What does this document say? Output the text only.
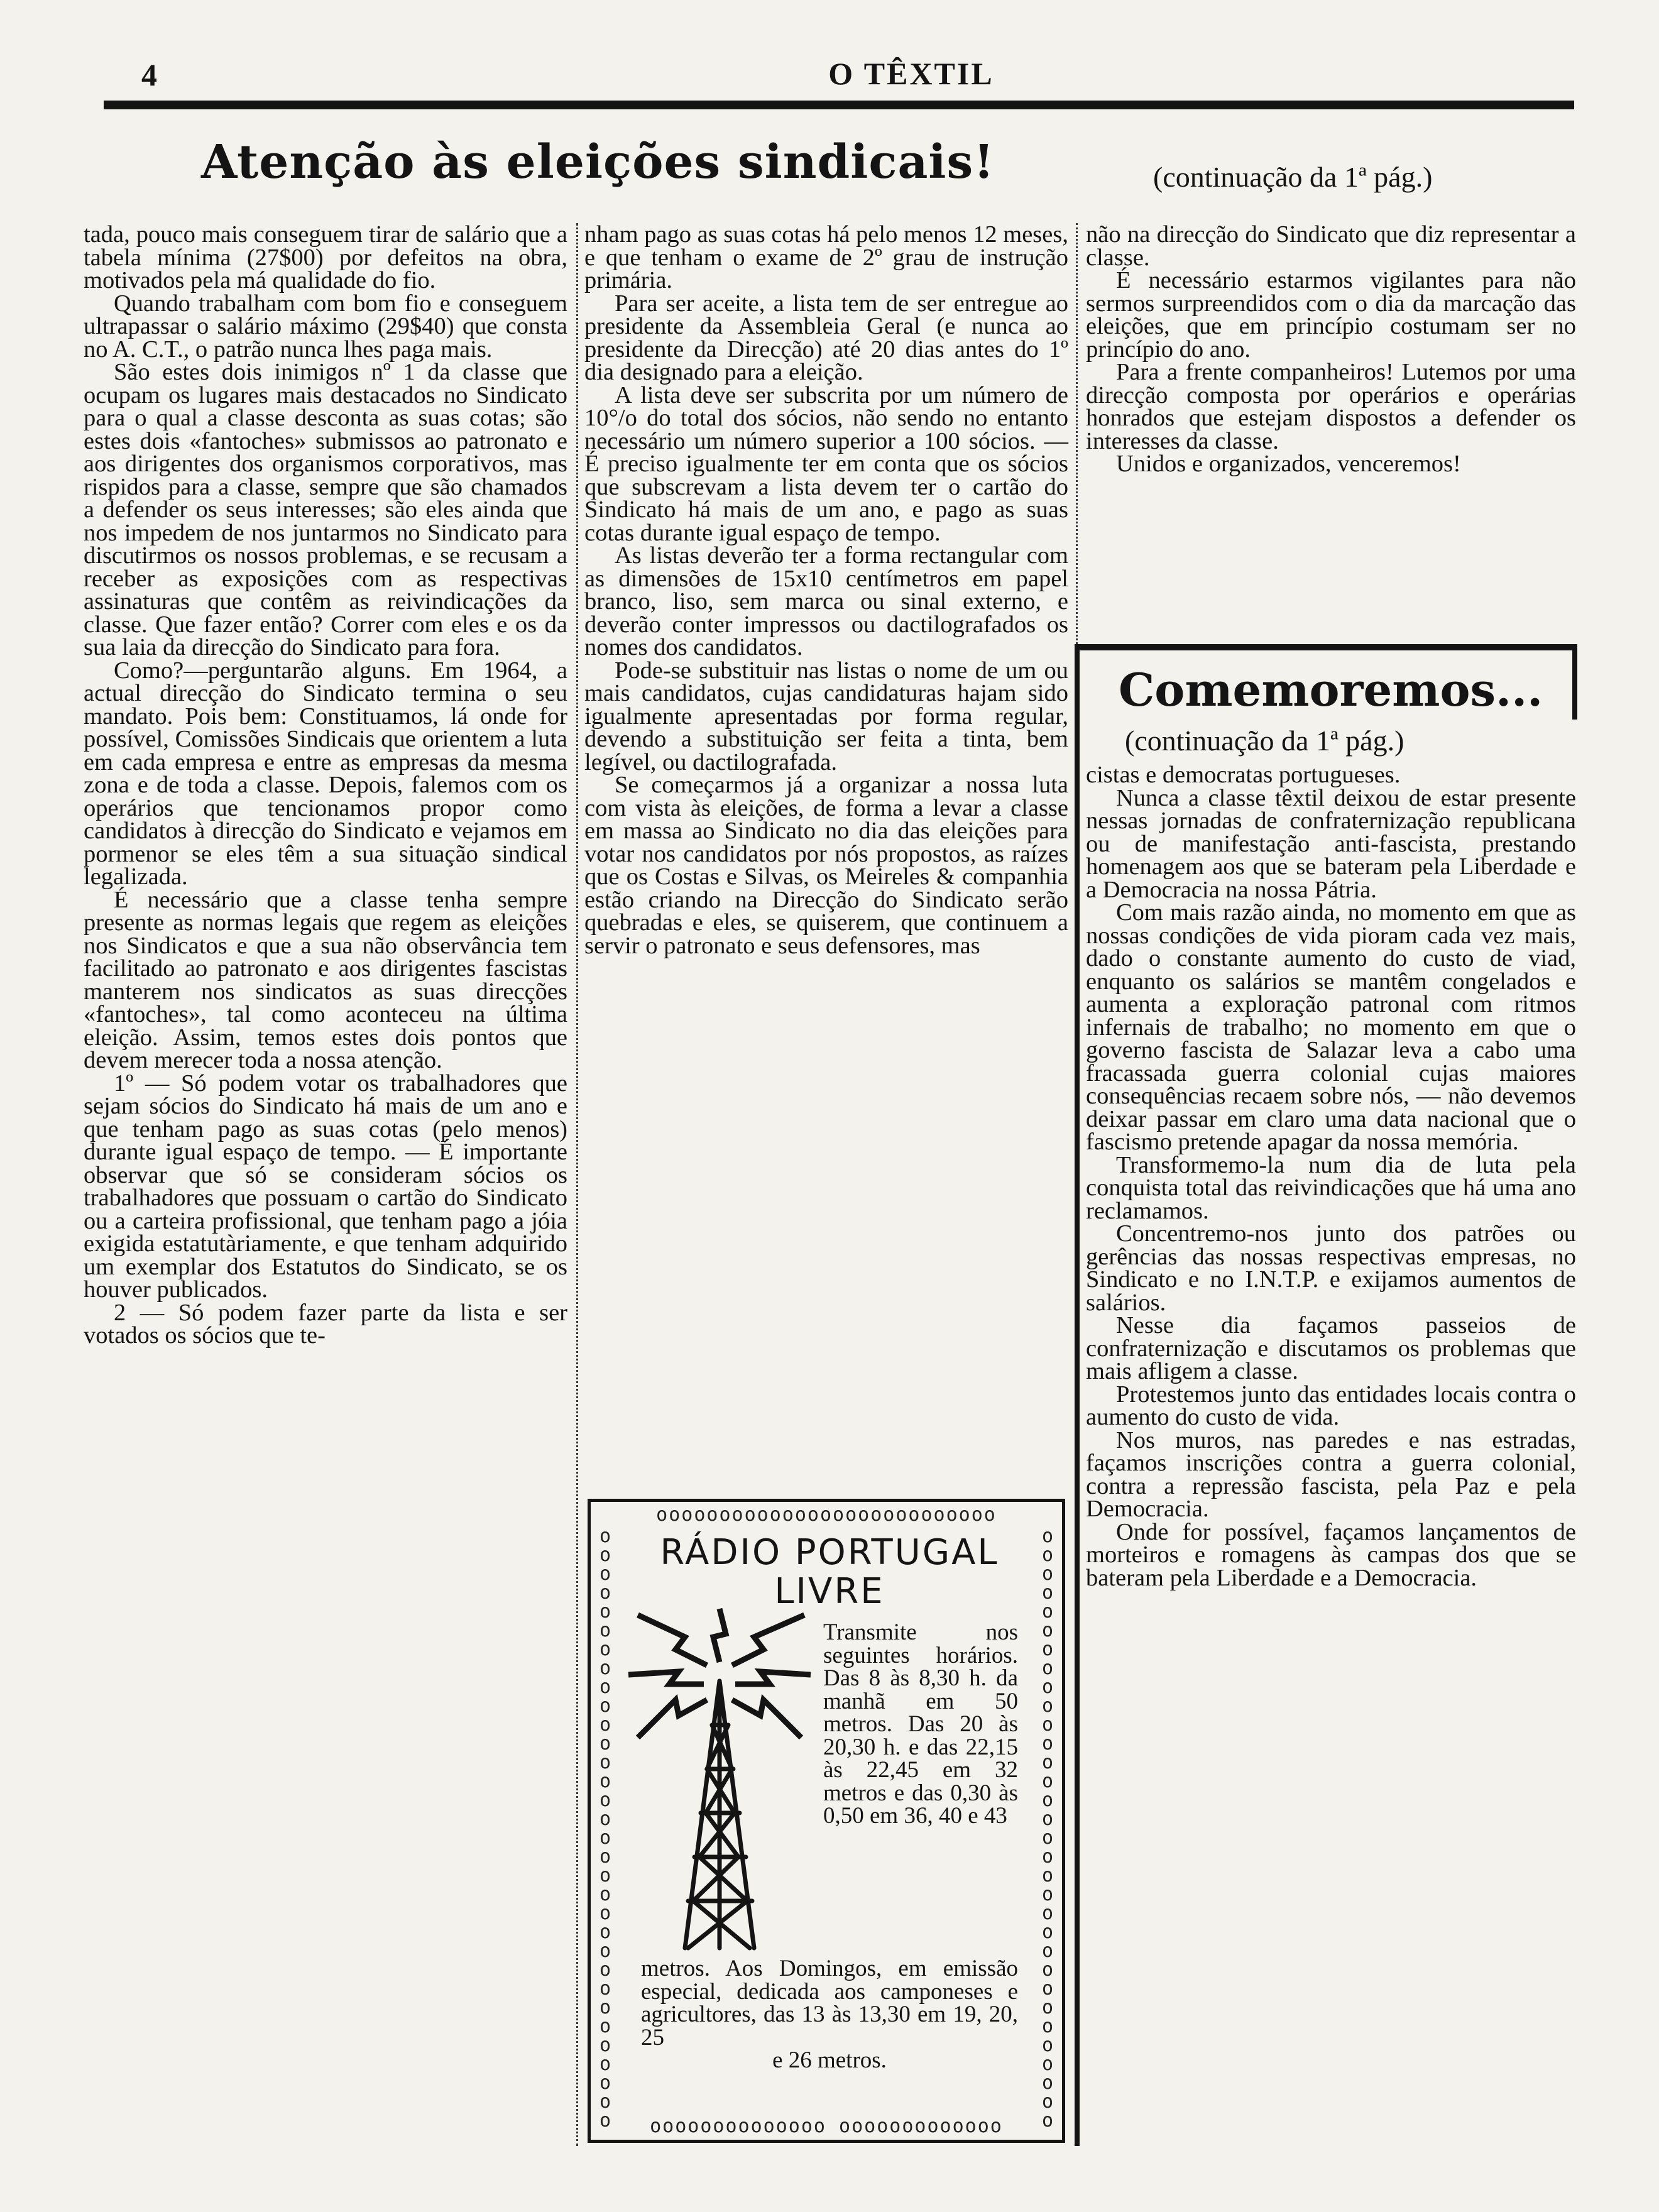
4	O TÊXTIL
Atenção às eleições sindicais!	(continuação da 1ª pág.)

tada, pouco mais conseguem tirar de salário que a tabela mínima (27$00) por defeitos na obra, motivados pela má qualidade do fio.

Quando trabalham com bom fio e conseguem ultrapassar o salário máximo (29$40) que consta no A. C.T., o patrão nunca lhes paga mais.

São estes dois inimigos nº 1 da classe que ocupam os lugares mais destacados no Sindicato para o qual a classe desconta as suas cotas; são estes dois «fantoches» submissos ao patronato e aos dirigentes dos organismos corporativos, mas rispidos para a classe, sempre que são chamados a defender os seus interesses; são eles ainda que nos impedem de nos juntarmos no Sindicato para discutirmos os nossos problemas, e se recusam a receber as exposições com as respectivas assinaturas que contêm as reivindicações da classe. Que fazer então? Correr com eles e os da sua laia da direcção do Sindicato para fora.

Como?—perguntarão alguns. Em 1964, a actual direcção do Sindicato termina o seu mandato. Pois bem: Constituamos, lá onde for possível, Comissões Sindicais que orientem a luta em cada empresa e entre as empresas da mesma zona e de toda a classe. Depois, falemos com os operários que tencionamos propor como candidatos à direcção do Sindicato e vejamos em pormenor se eles têm a sua situação sindical legalizada.

É necessário que a classe tenha sempre presente as normas legais que regem as eleições nos Sindicatos e que a sua não observância tem facilitado ao patronato e aos dirigentes fascistas manterem nos sindicatos as suas direcções «fantoches», tal como aconteceu na última eleição. Assim, temos estes dois pontos que devem merecer toda a nossa atenção.

1º — Só podem votar os trabalhadores que sejam sócios do Sindicato há mais de um ano e que tenham pago as suas cotas (pelo menos) durante igual espaço de tempo. — É importante observar que só se consideram sócios os trabalhadores que possuam o cartão do Sindicato ou a carteira profissional, que tenham pago a jóia exigida estatutàriamente, e que tenham adquirido um exemplar dos Estatutos do Sindicato, se os houver publicados.

2 — Só podem fazer parte da lista e ser votados os sócios que te-

nham pago as suas cotas há pelo menos 12 meses, e que tenham o exame de 2º grau de instrução primária.

Para ser aceite, a lista tem de ser entregue ao presidente da Assembleia Geral (e nunca ao presidente da Direcção) até 20 dias antes do 1º dia designado para a eleição.

A lista deve ser subscrita por um número de 10°/o do total dos sócios, não sendo no entanto necessário um número superior a 100 sócios. — É preciso igualmente ter em conta que os sócios que subscrevam a lista devem ter o cartão do Sindicato há mais de um ano, e pago as suas cotas durante igual espaço de tempo.

As listas deverão ter a forma rectangular com as dimensões de 15x10 centímetros em papel branco, liso, sem marca ou sinal externo, e deverão conter impressos ou dactilografados os nomes dos candidatos.

Pode-se substituir nas listas o nome de um ou mais candidatos, cujas candidaturas hajam sido igualmente apresentadas por forma regular, devendo a substituição ser feita a tinta, bem legível, ou dactilografada.

Se começarmos já a organizar a nossa luta com vista às eleições, de forma a levar a classe em massa ao Sindicato no dia das eleições para votar nos candidatos por nós propostos, as raízes que os Costas e Silvas, os Meireles & companhia estão criando na Direcção do Sindicato serão quebradas e eles, se quiserem, que continuem a servir o patronato e seus defensores, mas

não na direcção do Sindicato que diz representar a classe.

É necessário estarmos vigilantes para não sermos surpreendidos com o dia da marcação das eleições, que em princípio costumam ser no princípio do ano.

Para a frente companheiros! Lutemos por uma direcção composta por operários e operárias honrados que estejam dispostos a defender os interesses da classe.

Unidos e organizados, venceremos!

Comemoremos...
(continuação da 1ª pág.)

cistas e democratas portugueses.

Nunca a classe têxtil deixou de estar presente nessas jornadas de confraternização republicana ou de manifestação anti-fascista, prestando homenagem aos que se bateram pela Liberdade e a Democracia na nossa Pátria.

Com mais razão ainda, no momento em que as nossas condições de vida pioram cada vez mais, dado o constante aumento do custo de viad, enquanto os salários se mantêm congelados e aumenta a exploração patronal com ritmos infernais de trabalho; no momento em que o governo fascista de Salazar leva a cabo uma fracassada guerra colonial cujas maiores consequências recaem sobre nós, — não devemos deixar passar em claro uma data nacional que o fascismo pretende apagar da nossa memória.

Transformemo-la num dia de luta pela conquista total das reivindicações que há uma ano reclamamos.

Concentremo-nos junto dos patrões ou gerências das nossas respectivas empresas, no Sindicato e no I.N.T.P. e exijamos aumentos de salários.

Nesse dia façamos passeios de confraternização e discutamos os problemas que mais afligem a classe.

Protestemos junto das entidades locais contra o aumento do custo de vida.

Nos muros, nas paredes e nas estradas, façamos inscrições contra a guerra colonial, contra a repressão fascista, pela Paz e pela Democracia.

Onde for possível, façamos lançamentos de morteiros e romagens às campas dos que se bateram pela Liberdade e a Democracia.

ooooooooooooooooooooooooooo
oooooooooooooo ooooooooooooo
oooooooooooooooooooooooooooooooo
oooooooooooooooooooooooooooooooo
RÁDIO PORTUGAL
LIVRE
Transmite nos seguintes horários. Das 8 às 8,30 h. da manhã em 50 metros. Das 20 às 20,30 h. e das 22,15 às 22,45 em 32 metros e das 0,30 às 0,50 em 36, 40 e 43
metros. Aos Domingos, em emissão especial, dedicada aos camponeses e agricultores, das 13 às 13,30 em 19, 20, 25
e 26 metros.
